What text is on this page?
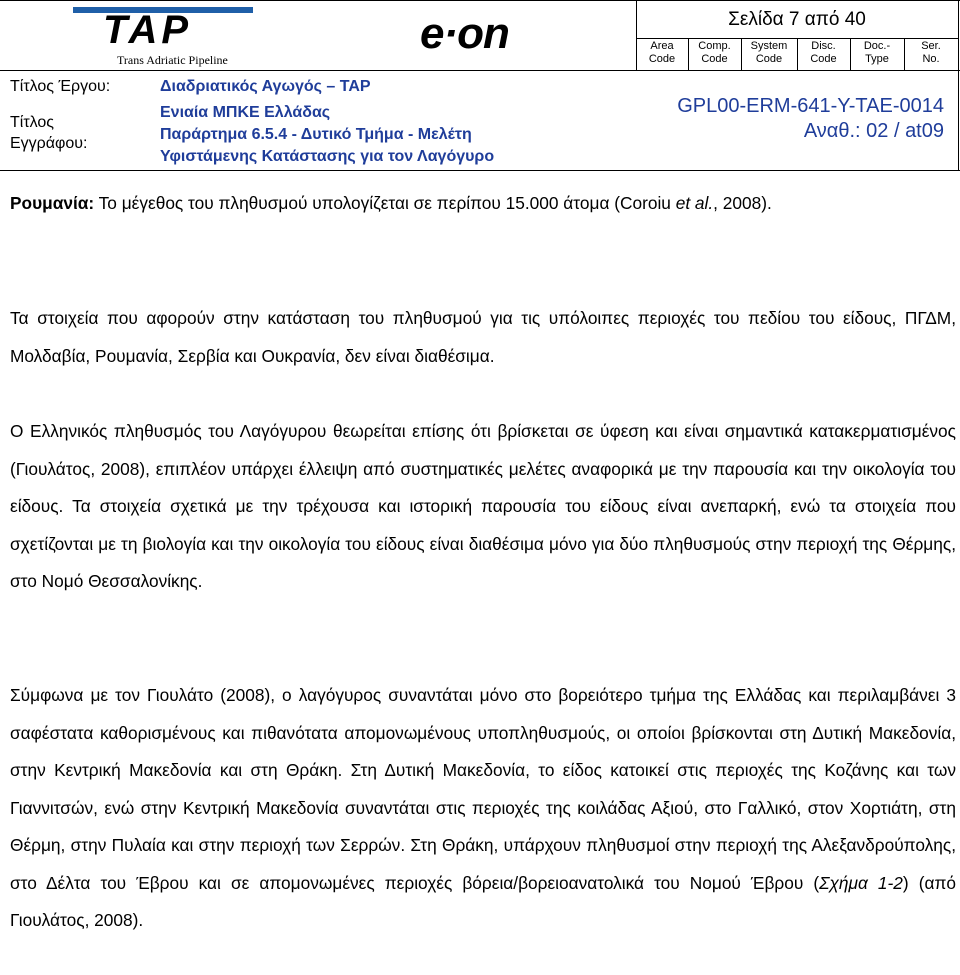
TAP
Trans Adriatic Pipeline
e·on	Σελίδα 7 από 40
Area
Code
Comp.
Code
System
Code
Disc.
Code
Doc.-
Type
Ser.
No.
Τίτλος Έργου:	Διαδριατικός Αγωγός – TAP
Τίτλος
Εγγράφου:
Ενιαία ΜΠΚΕ Ελλάδας
Παράρτημα 6.5.4 - Δυτικό Τμήμα - Μελέτη
Υφιστάμενης Κατάστασης για τον Λαγόγυρο
GPL00-ERM-641-Y-TAE-0014
Αναθ.: 02 / at09

Ρουμανία: Το μέγεθος του πληθυσμού υπολογίζεται σε περίπου 15.000 άτομα (Coroiu et al., 2008).

Τα στοιχεία που αφορούν στην κατάσταση του πληθυσμού για τις υπόλοιπες περιοχές του πεδίου του είδους, ΠΓΔΜ, Μολδαβία, Ρουμανία, Σερβία και Ουκρανία, δεν είναι διαθέσιμα.

Ο Ελληνικός πληθυσμός του Λαγόγυρου θεωρείται επίσης ότι βρίσκεται σε ύφεση και είναι σημαντικά κατακερματισμένος (Γιουλάτος, 2008), επιπλέον υπάρχει έλλειψη από συστηματικές μελέτες αναφορικά με την παρουσία και την οικολογία του είδους. Τα στοιχεία σχετικά με την τρέχουσα και ιστορική παρουσία του είδους είναι ανεπαρκή, ενώ τα στοιχεία που σχετίζονται με τη βιολογία και την οικολογία του είδους είναι διαθέσιμα μόνο για δύο πληθυσμούς στην περιοχή της Θέρμης, στο Νομό Θεσσαλονίκης.

Σύμφωνα με τον Γιουλάτο (2008), ο λαγόγυρος συναντάται μόνο στο βορειότερο τμήμα της Ελλάδας και περιλαμβάνει 3 σαφέστατα καθορισμένους και πιθανότατα απομονωμένους υποπληθυσμούς, οι οποίοι βρίσκονται στη Δυτική Μακεδονία, στην Κεντρική Μακεδονία και στη Θράκη. Στη Δυτική Μακεδονία, το είδος κατοικεί στις περιοχές της Κοζάνης και των Γιαννιτσών, ενώ στην Κεντρική Μακεδονία συναντάται στις περιοχές της κοιλάδας Αξιού, στο Γαλλικό, στον Χορτιάτη, στη Θέρμη, στην Πυλαία και στην περιοχή των Σερρών. Στη Θράκη, υπάρχουν πληθυσμοί στην περιοχή της Αλεξανδρούπολης, στο Δέλτα του Έβρου και σε απομονωμένες περιοχές βόρεια/βορειοανατολικά του Νομού Έβρου (Σχήμα 1-2) (από Γιουλάτος, 2008).
